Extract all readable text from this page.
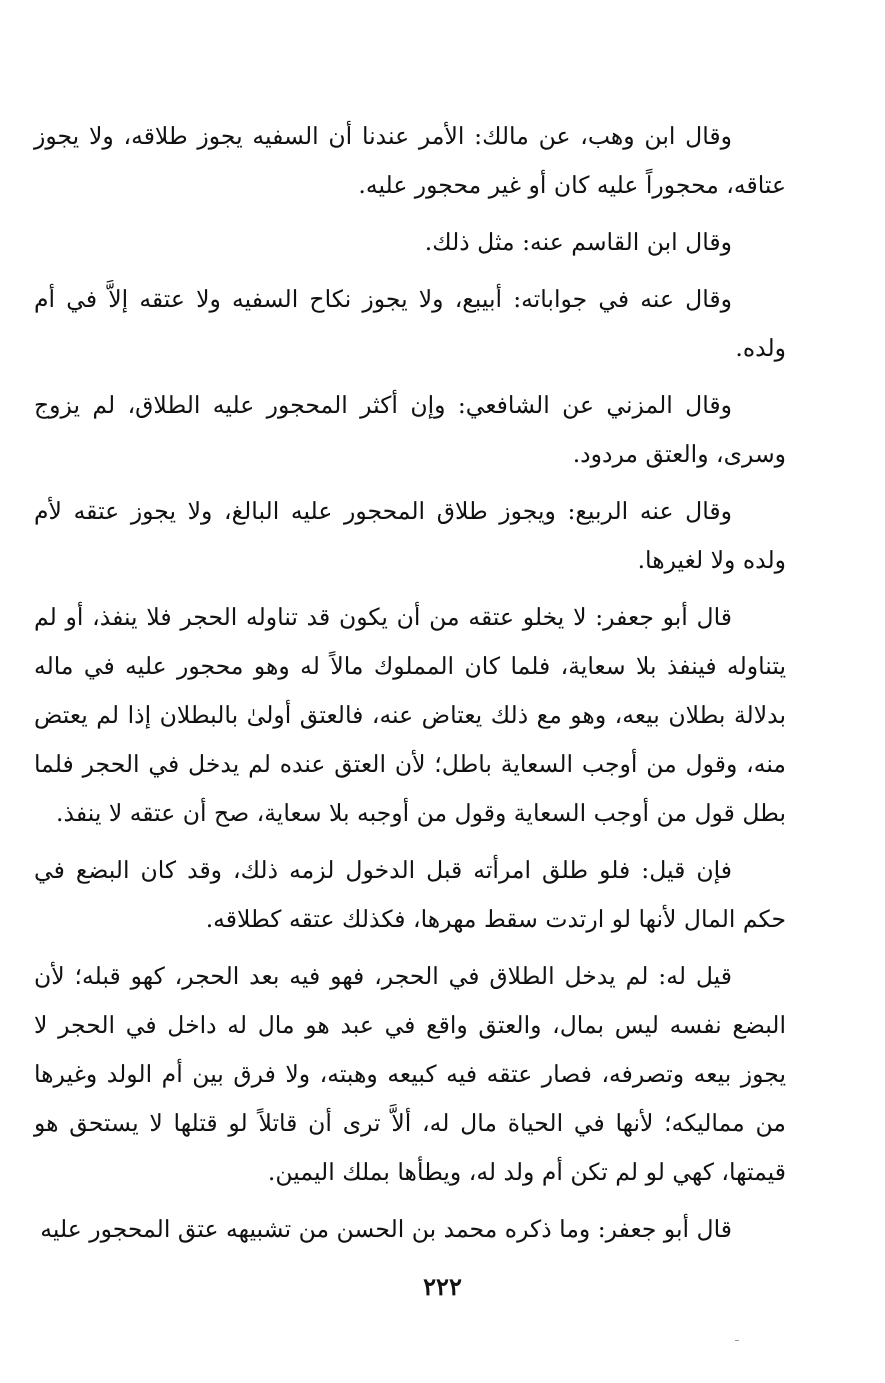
وقال ابن وهب، عن مالك: الأمر عندنا أن السفيه يجوز طلاقه، ولا يجوز عتاقه، محجوراً عليه كان أو غير محجور عليه.

وقال ابن القاسم عنه: مثل ذلك.

وقال عنه في جواباته: أبيبع، ولا يجوز نكاح السفيه ولا عتقه إلاَّ في أم ولده.

وقال المزني عن الشافعي: وإن أكثر المحجور عليه الطلاق، لم يزوج وسرى، والعتق مردود.

وقال عنه الربيع: ويجوز طلاق المحجور عليه البالغ، ولا يجوز عتقه لأم ولده ولا لغيرها.

قال أبو جعفر: لا يخلو عتقه من أن يكون قد تناوله الحجر فلا ينفذ، أو لم يتناوله فينفذ بلا سعاية، فلما كان المملوك مالاً له وهو محجور عليه في ماله بدلالة بطلان بيعه، وهو مع ذلك يعتاض عنه، فالعتق أولىٰ بالبطلان إذا لم يعتض منه، وقول من أوجب السعاية باطل؛ لأن العتق عنده لم يدخل في الحجر فلما بطل قول من أوجب السعاية وقول من أوجبه بلا سعاية، صح أن عتقه لا ينفذ.

فإن قيل: فلو طلق امرأته قبل الدخول لزمه ذلك، وقد كان البضع في حكم المال لأنها لو ارتدت سقط مهرها، فكذلك عتقه كطلاقه.

قيل له: لم يدخل الطلاق في الحجر، فهو فيه بعد الحجر، كهو قبله؛ لأن البضع نفسه ليس بمال، والعتق واقع في عبد هو مال له داخل في الحجر لا يجوز بيعه وتصرفه، فصار عتقه فيه كبيعه وهبته، ولا فرق بين أم الولد وغيرها من مماليكه؛ لأنها في الحياة مال له، ألاَّ ترى أن قاتلاً لو قتلها لا يستحق هو قيمتها، كهي لو لم تكن أم ولد له، ويطأها بملك اليمين.

قال أبو جعفر: وما ذكره محمد بن الحسن من تشبيهه عتق المحجور عليه

٢٢٢
